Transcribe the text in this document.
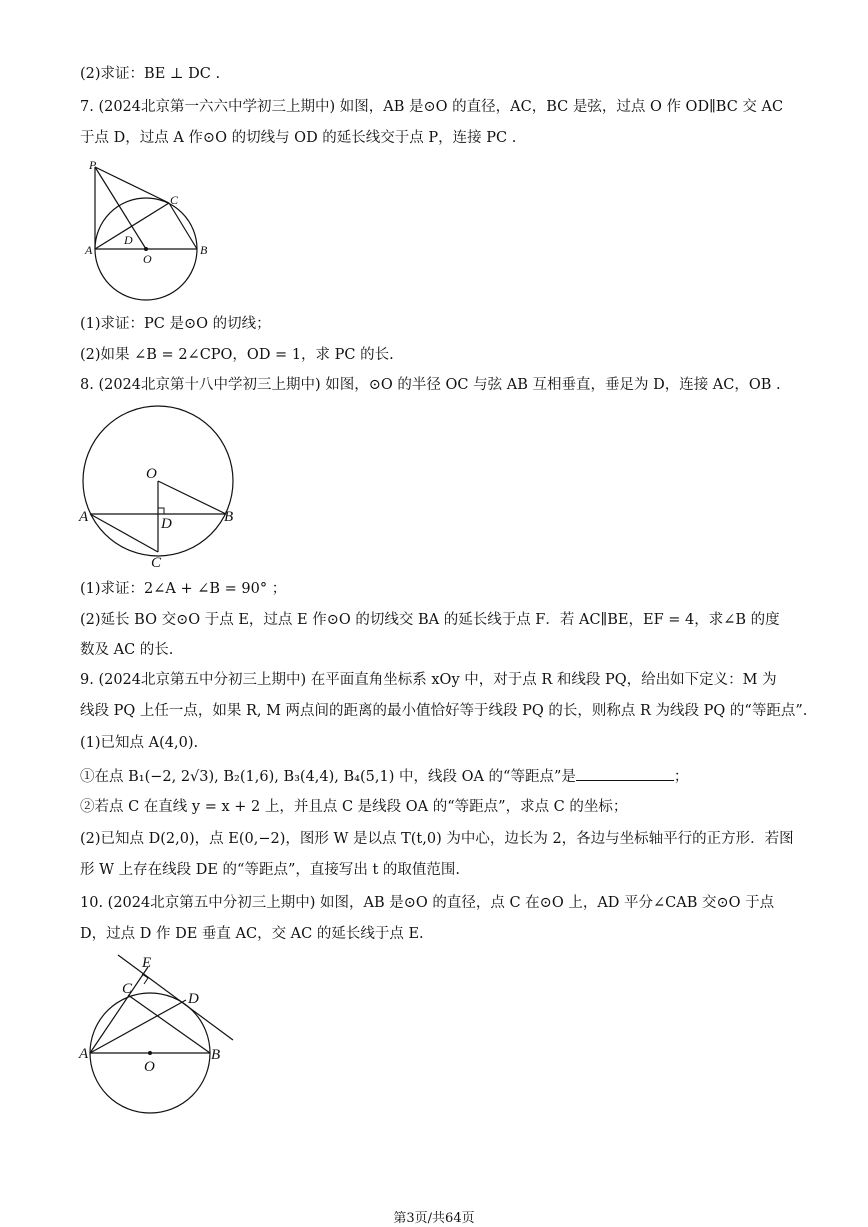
(2)求证：BE ⊥ DC .
7. (2024北京第一六六中学初三上期中) 如图，AB 是⊙O 的直径，AC，BC 是弦，过点 O 作 OD∥BC 交 AC
于点 D，过点 A 作⊙O 的切线与 OD 的延长线交于点 P，连接 PC .
P
C
D
A
O
B
(1)求证：PC 是⊙O 的切线；
(2)如果 ∠B = 2∠CPO，OD = 1，求 PC 的长.
8. (2024北京第十八中学初三上期中) 如图，⊙O 的半径 OC 与弦 AB 互相垂直，垂足为 D，连接 AC，OB .
O
A	D	B
C
(1)求证：2∠A + ∠B = 90° ；
(2)延长 BO 交⊙O 于点 E，过点 E 作⊙O 的切线交 BA 的延长线于点 F．若 AC∥BE，EF = 4，求∠B 的度
数及 AC 的长.
9. (2024北京第五中分初三上期中) 在平面直角坐标系 xOy 中，对于点 R 和线段 PQ，给出如下定义：M 为
线段 PQ 上任一点，如果 R, M 两点间的距离的最小值恰好等于线段 PQ 的长，则称点 R 为线段 PQ 的“等距点”.
(1)已知点 A(4,0).
①在点 B₁(−2, 2√3), B₂(1,6), B₃(4,4), B₄(5,1) 中，线段 OA 的“等距点”是	；
②若点 C 在直线 y = x + 2 上，并且点 C 是线段 OA 的“等距点”，求点 C 的坐标；
(2)已知点 D(2,0)，点 E(0,−2)，图形 W 是以点 T(t,0) 为中心，边长为 2，各边与坐标轴平行的正方形．若图
形 W 上存在线段 DE 的“等距点”，直接写出 t 的取值范围.
10. (2024北京第五中分初三上期中) 如图，AB 是⊙O 的直径，点 C 在⊙O 上，AD 平分∠CAB 交⊙O 于点
D，过点 D 作 DE 垂直 AC，交 AC 的延长线于点 E.
E
C
D
A	B
O
第3页/共64页
